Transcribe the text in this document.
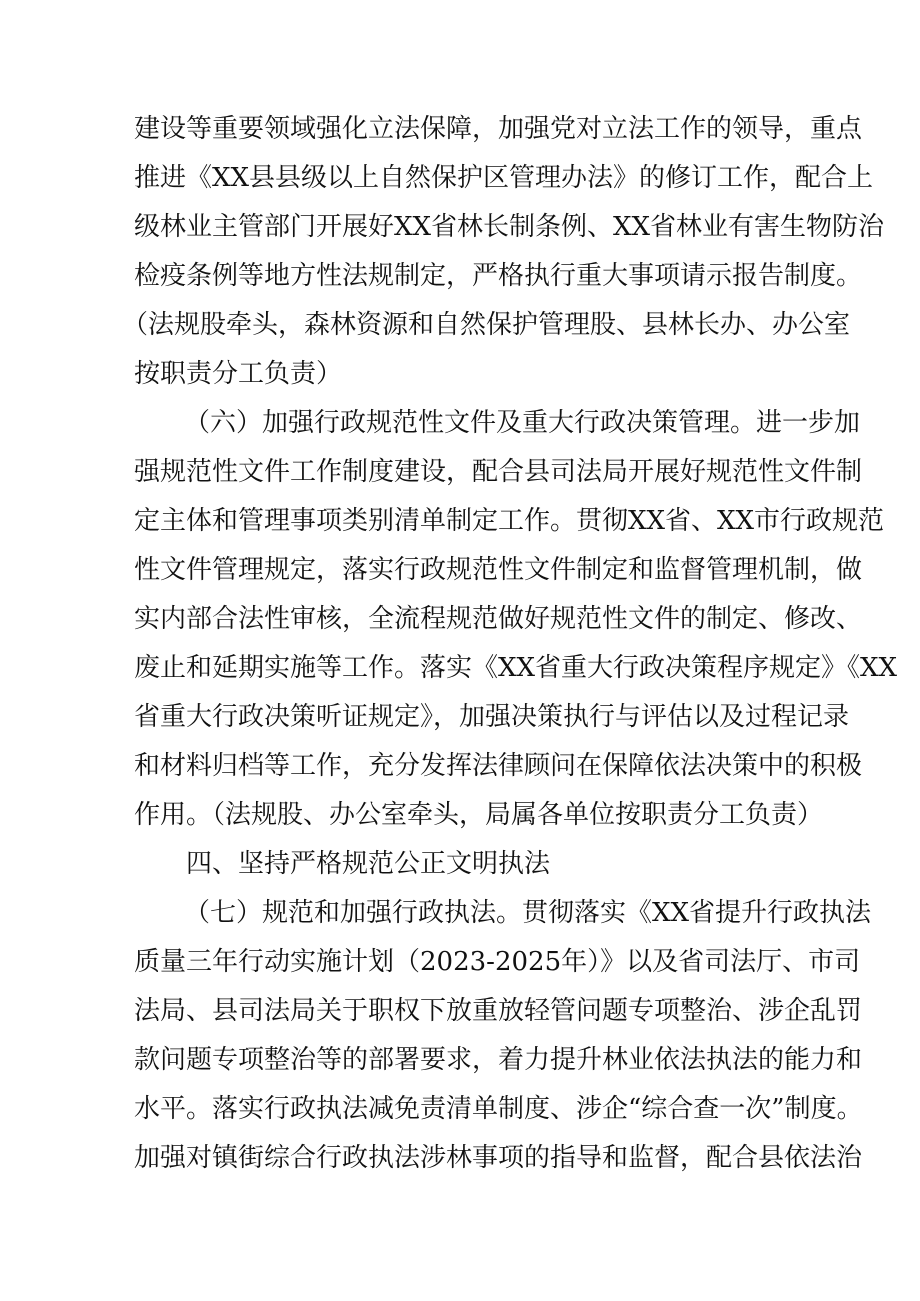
建设等重要领域强化立法保障，加强党对立法工作的领导，重点
推进《XX县县级以上自然保护区管理办法》的修订工作，配合上
级林业主管部门开展好XX省林长制条例、XX省林业有害生物防治
检疫条例等地方性法规制定，严格执行重大事项请示报告制度。
（法规股牵头，森林资源和自然保护管理股、县林长办、办公室
按职责分工负责）
（六）加强行政规范性文件及重大行政决策管理。进一步加
强规范性文件工作制度建设，配合县司法局开展好规范性文件制
定主体和管理事项类别清单制定工作。贯彻XX省、XX市行政规范
性文件管理规定，落实行政规范性文件制定和监督管理机制，做
实内部合法性审核，全流程规范做好规范性文件的制定、修改、
废止和延期实施等工作。落实《XX省重大行政决策程序规定》《XX
省重大行政决策听证规定》，加强决策执行与评估以及过程记录
和材料归档等工作，充分发挥法律顾问在保障依法决策中的积极
作用。（法规股、办公室牵头，局属各单位按职责分工负责）
四、坚持严格规范公正文明执法
（七）规范和加强行政执法。贯彻落实《XX省提升行政执法
质量三年行动实施计划（2023-2025年）》以及省司法厅、市司
法局、县司法局关于职权下放重放轻管问题专项整治、涉企乱罚
款问题专项整治等的部署要求，着力提升林业依法执法的能力和
水平。落实行政执法减免责清单制度、涉企“综合查一次”制度。
加强对镇街综合行政执法涉林事项的指导和监督，配合县依法治
